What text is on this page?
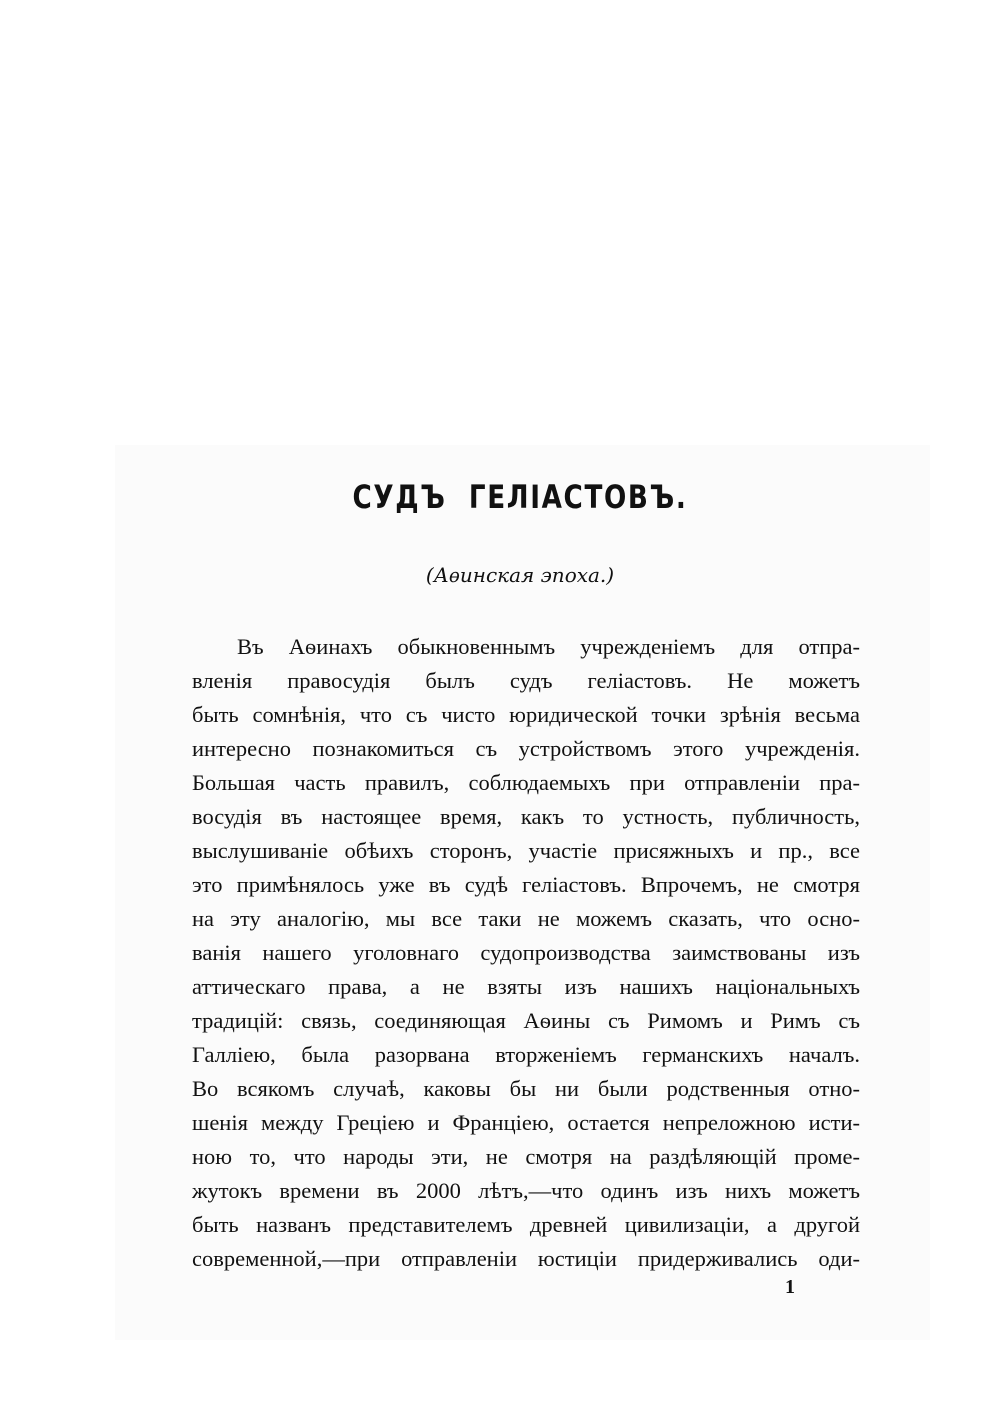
СУДЪ ГЕЛІАСТОВЪ.
(Аѳинская эпоха.)
Въ Аѳинахъ обыкновеннымъ учрежденіемъ для отпра-
вленія правосудія былъ судъ геліастовъ. Не можетъ
быть сомнѣнія, что съ чисто юридической точки зрѣнія весьма
интересно познакомиться съ устройствомъ этого учрежденія.
Большая часть правилъ, соблюдаемыхъ при отправленіи пра-
восудія въ настоящее время, какъ то устность, публичность,
выслушиваніе обѣихъ сторонъ, участіе присяжныхъ и пр., все
это примѣнялось уже въ судѣ геліастовъ. Впрочемъ, не смотря
на эту аналогію, мы все таки не можемъ сказать, что осно-
ванія нашего уголовнаго судопроизводства заимствованы изъ
аттическаго права, а не взяты изъ нашихъ національныхъ
традицій: связь, соединяющая Аѳины съ Римомъ и Римъ съ
Галліею, была разорвана вторженіемъ германскихъ началъ.
Во всякомъ случаѣ, каковы бы ни были родственныя отно-
шенія между Греціею и Франціею, остается непреложною исти-
ною то, что народы эти, не смотря на раздѣляющій проме-
жутокъ времени въ 2000 лѣтъ,—что одинъ изъ нихъ можетъ
быть названъ представителемъ древней цивилизаціи, а другой
современной,—при отправленіи юстиціи придерживались оди-
1
